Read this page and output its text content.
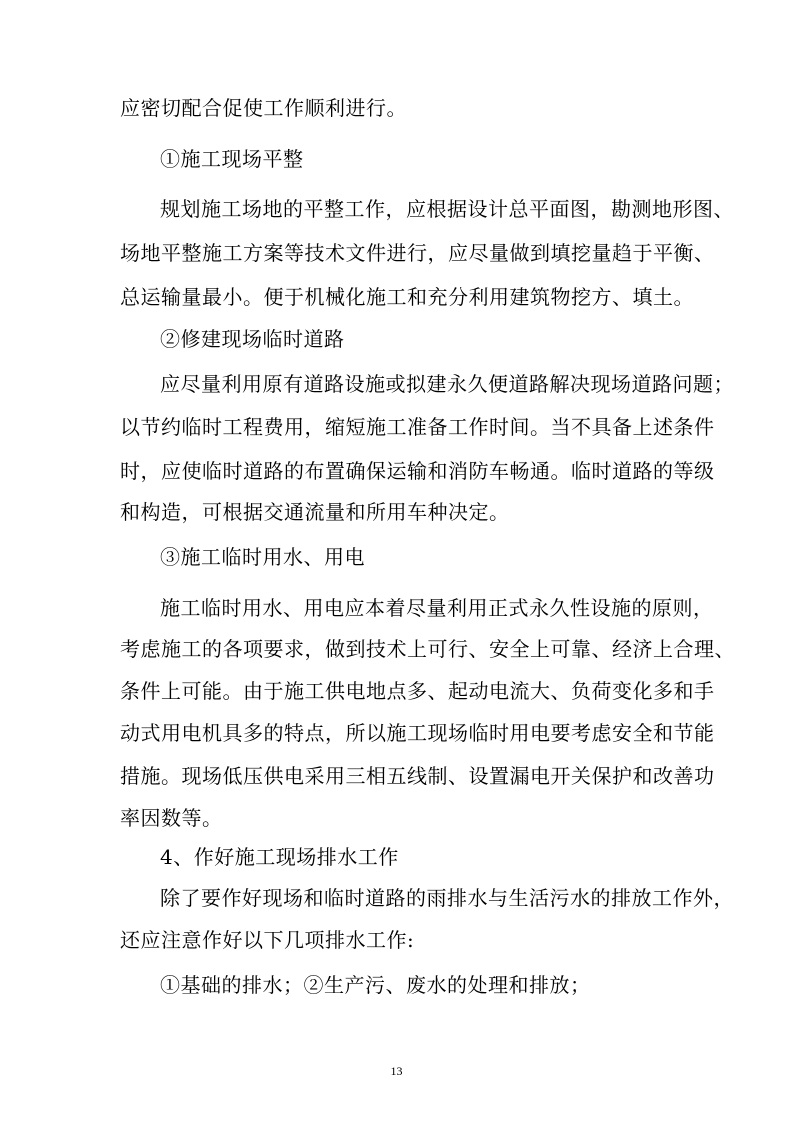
应密切配合促使工作顺利进行。
①施工现场平整
规划施工场地的平整工作，应根据设计总平面图，勘测地形图、
场地平整施工方案等技术文件进行，应尽量做到填挖量趋于平衡、
总运输量最小。便于机械化施工和充分利用建筑物挖方、填土。
②修建现场临时道路
应尽量利用原有道路设施或拟建永久便道路解决现场道路问题；
以节约临时工程费用，缩短施工准备工作时间。当不具备上述条件
时，应使临时道路的布置确保运输和消防车畅通。临时道路的等级
和构造，可根据交通流量和所用车种决定。
③施工临时用水、用电
施工临时用水、用电应本着尽量利用正式永久性设施的原则，
考虑施工的各项要求，做到技术上可行、安全上可靠、经济上合理、
条件上可能。由于施工供电地点多、起动电流大、负荷变化多和手
动式用电机具多的特点，所以施工现场临时用电要考虑安全和节能
措施。现场低压供电采用三相五线制、设置漏电开关保护和改善功
率因数等。
4、作好施工现场排水工作
除了要作好现场和临时道路的雨排水与生活污水的排放工作外，
还应注意作好以下几项排水工作:
①基础的排水；②生产污、废水的处理和排放；
13
